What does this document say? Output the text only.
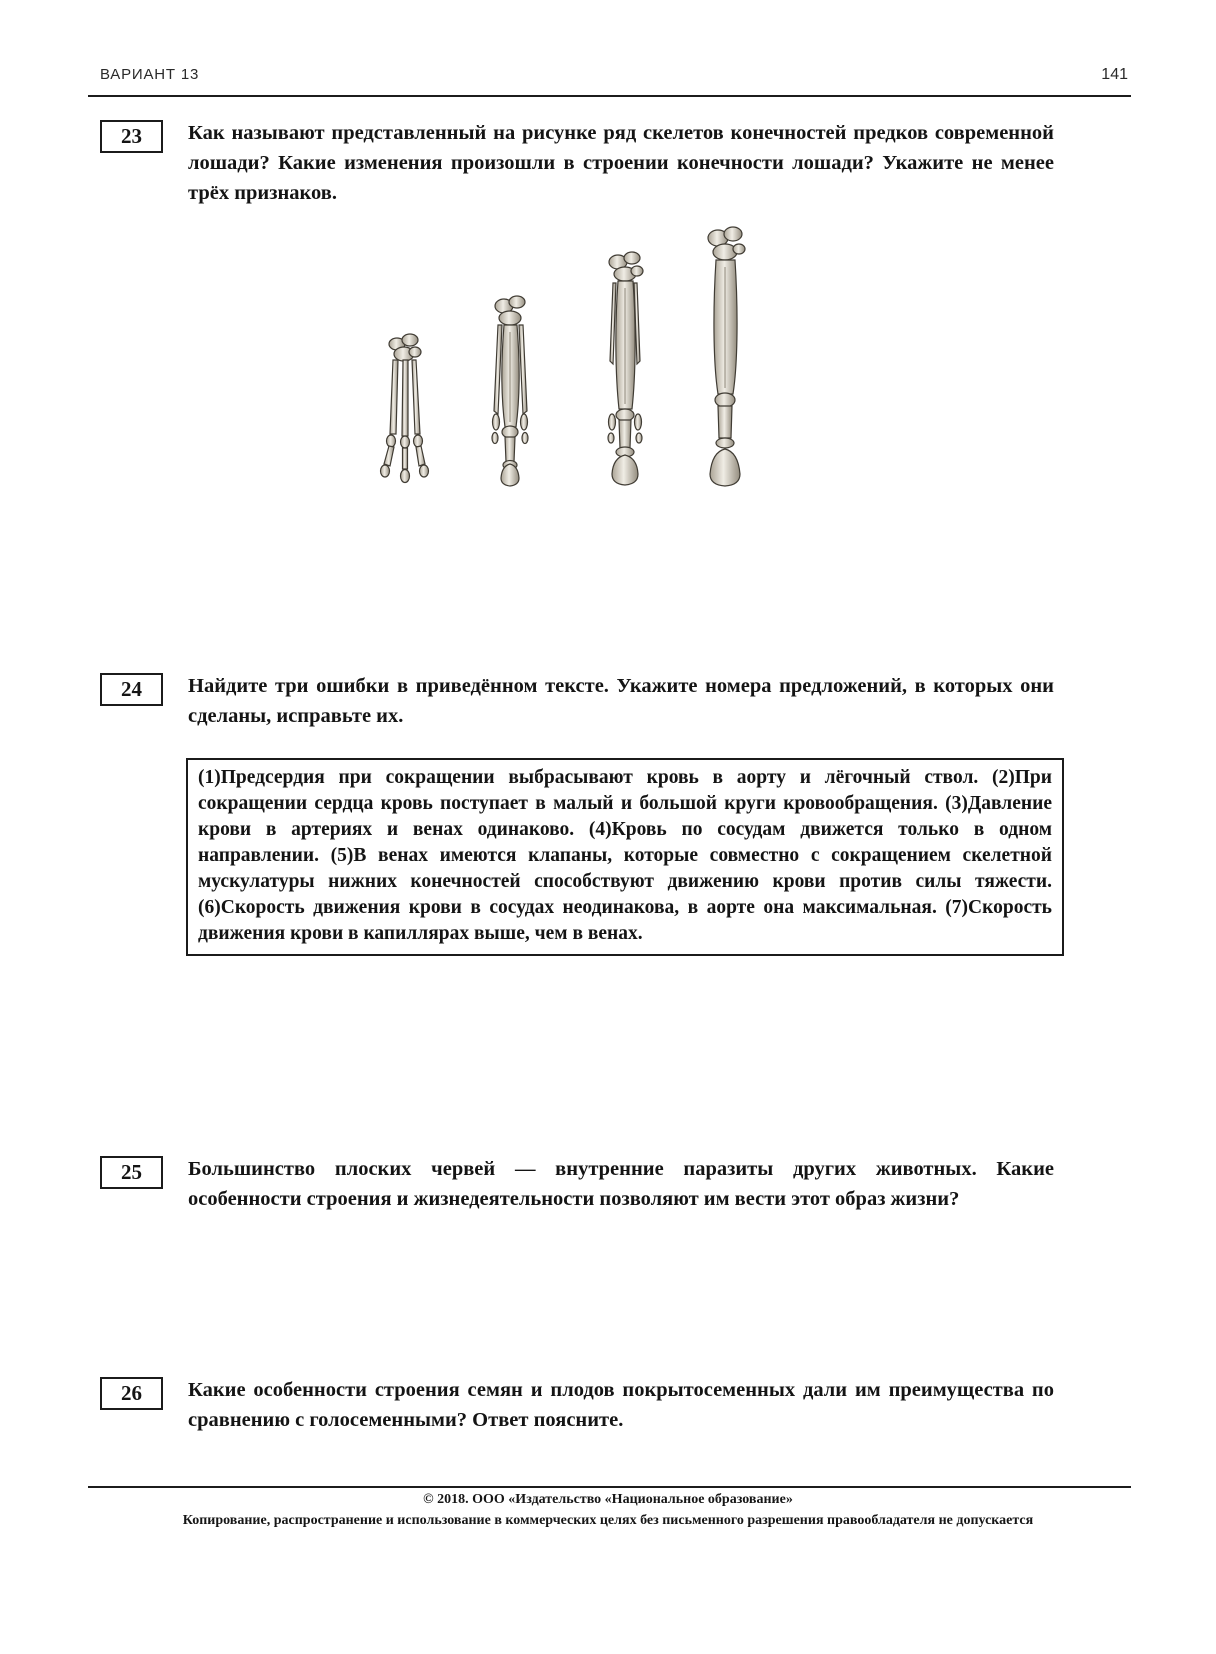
ВАРИАНТ 13	141
23 Как называют представленный на рисунке ряд скелетов конечностей предков современной лошади? Какие изменения произошли в строении конечности лошади? Укажите не менее трёх признаков.

24 Найдите три ошибки в приведённом тексте. Укажите номера предложений, в которых они сделаны, исправьте их.

(1)Предсердия при сокращении выбрасывают кровь в аорту и лёгочный ствол. (2)При сокращении сердца кровь поступает в малый и большой круги кровообращения. (3)Давление крови в артериях и венах одинаково. (4)Кровь по сосудам движется только в одном направлении. (5)В венах имеются клапаны, которые совместно с сокращением скелетной мускулатуры нижних конечностей способствуют движению крови против силы тяжести. (6)Скорость движения крови в сосудах неодинакова, в аорте она максимальная. (7)Скорость движения крови в капиллярах выше, чем в венах.
25 Большинство плоских червей — внутренние паразиты других животных. Какие особенности строения и жизнедеятельности позволяют им вести этот образ жизни?

26 Какие особенности строения семян и плодов покрытосеменных дали им преимущества по сравнению с голосеменными? Ответ поясните.

© 2018. ООО «Издательство «Национальное образование»

Копирование, распространение и использование в коммерческих целях без письменного разрешения правообладателя не допускается
